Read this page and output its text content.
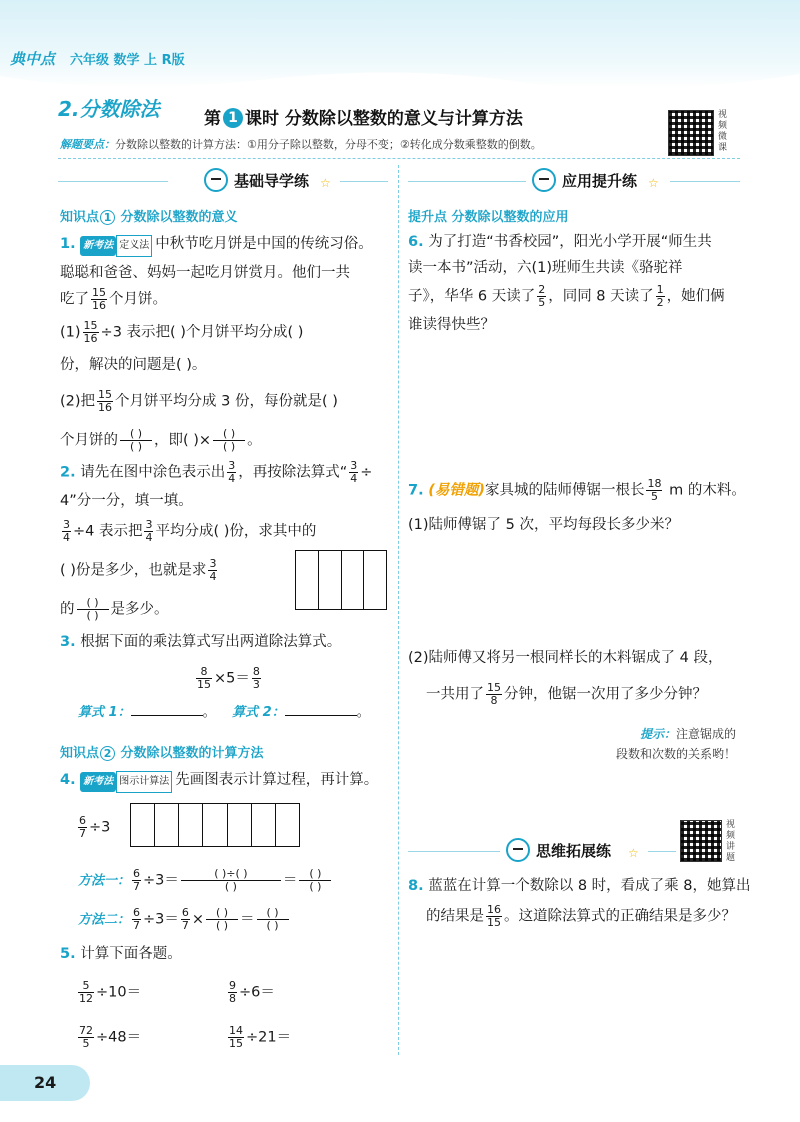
典中点 六年级 数学 上 R版
2.分数除法	第 1 课时 分数除以整数的意义与计算方法	视频微课
解题要点：分数除以整数的计算方法：①用分子除以整数，分母不变；②转化成分数乘整数的倒数。
基础导学练 ☆
知识点 1 分数除以整数的意义
1. 新考法 定义法 中秋节吃月饼是中国的传统习俗。
聪聪和爸爸、妈妈一起吃月饼赏月。他们一共
吃了 $\frac{15}{16}$ 个月饼。
$(1) \frac{15}{16} \div 3$ 表示把( )个月饼平均分成( )
份，解决的问题是( )。
(2)把 $\frac{15}{16}$ 个月饼平均分成 3 份，每份就是( )
个月饼的 $\frac{( )}{( )}$ ，即( )× $\frac{( )}{( )}$ 。
2. 请先在图中涂色表示出 $\frac{3}{4}$ ，再按除法算式“ $\frac{3}{4}$ ÷
4”分一分，填一填。
$\frac{3}{4} \div 4$ 表示把 $\frac{3}{4}$ 平均分成( )份，求其中的
( )份是多少，也就是求 $\frac{3}{4}$
的 $\frac{( )}{( )}$ 是多少。
3. 根据下面的乘法算式写出两道除法算式。
$\frac{8}{15} \times 5= \frac{8}{3}$
算式 1：	。 算式 2：	。
知识点 2 分数除以整数的计算方法
4. 新考法 图示计算法 先画图表示计算过程，再计算。
$\frac{6}{7} \div 3$
方法一： $\frac{6}{7} \div 3= \frac{( )\div( )}{( )} = \frac{( )}{( )}$
方法二： $\frac{6}{7} \div 3= \frac{6}{7} \times \frac{( )}{( )} = \frac{( )}{( )}$
5. 计算下面各题。
$\frac{5}{12} \div 10=$	$\frac{9}{8} \div 6=$
$\frac{72}{5} \div 48=$	$\frac{14}{15} \div 21=$
应用提升练 ☆
提升点 分数除以整数的应用
6. 为了打造“书香校园”，阳光小学开展“师生共
读一本书”活动，六(1)班师生共读《骆驼祥
子》，华华 6 天读了 $\frac{2}{5}$ ，同同 8 天读了 $\frac{1}{2}$ ，她们俩
谁读得快些？
7. (易错题)家具城的陆师傅锯一根长 $\frac{18}{5}$ m 的木料。
(1)陆师傅锯了 5 次，平均每段长多少米？
(2)陆师傅又将另一根同样长的木料锯成了 4 段，
一共用了 $\frac{15}{8}$ 分钟，他锯一次用了多少分钟？
提示：注意锯成的
段数和次数的关系哟！
思维拓展练 ☆
视频讲题
8. 蓝蓝在计算一个数除以 8 时，看成了乘 8，她算出
的结果是 $\frac{16}{15}$ 。这道除法算式的正确结果是多少？
24
